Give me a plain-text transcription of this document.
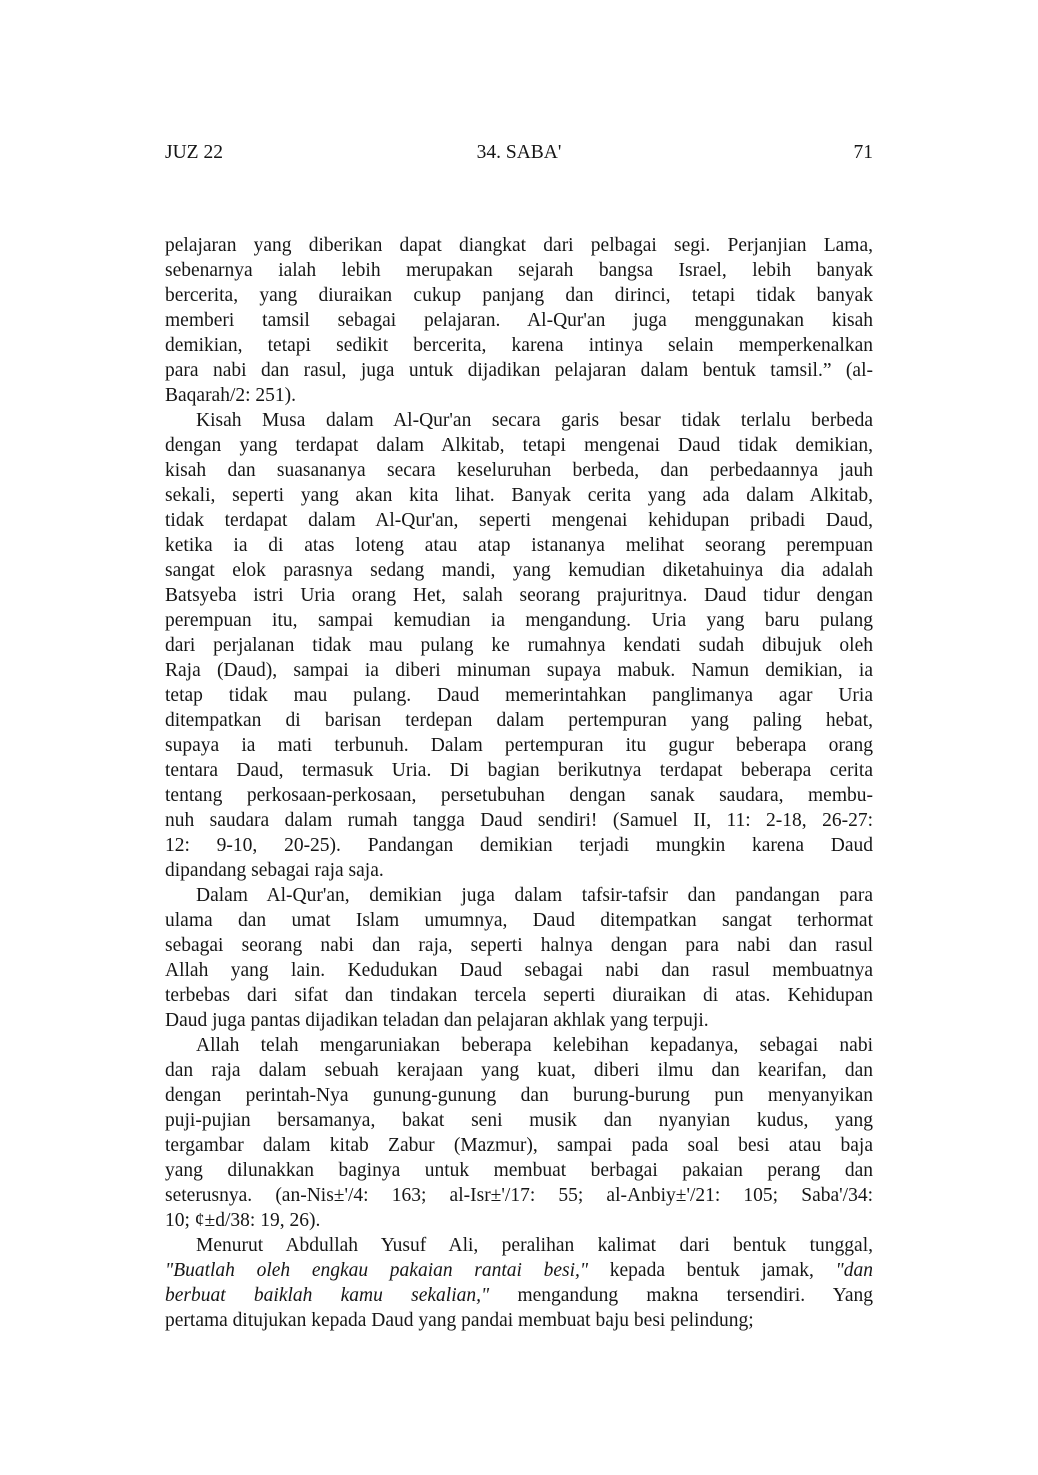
JUZ 22	34. SABA'	71
pelajaran yang diberikan dapat diangkat dari pelbagai segi. Perjanjian Lama,
sebenarnya ialah lebih merupakan sejarah bangsa Israel, lebih banyak
bercerita, yang diuraikan cukup panjang dan dirinci, tetapi tidak banyak
memberi tamsil sebagai pelajaran. Al-Qur'an juga menggunakan kisah
demikian, tetapi sedikit bercerita, karena intinya selain memperkenalkan
para nabi dan rasul, juga untuk dijadikan pelajaran dalam bentuk tamsil.” (al-
Baqarah/2: 251).
Kisah Musa dalam Al-Qur'an secara garis besar tidak terlalu berbeda
dengan yang terdapat dalam Alkitab, tetapi mengenai Daud tidak demikian,
kisah dan suasananya secara keseluruhan berbeda, dan perbedaannya jauh
sekali, seperti yang akan kita lihat. Banyak cerita yang ada dalam Alkitab,
tidak terdapat dalam Al-Qur'an, seperti mengenai kehidupan pribadi Daud,
ketika ia di atas loteng atau atap istananya melihat seorang perempuan
sangat elok parasnya sedang mandi, yang kemudian diketahuinya dia adalah
Batsyeba istri Uria orang Het, salah seorang prajuritnya. Daud tidur dengan
perempuan itu, sampai kemudian ia mengandung. Uria yang baru pulang
dari perjalanan tidak mau pulang ke rumahnya kendati sudah dibujuk oleh
Raja (Daud), sampai ia diberi minuman supaya mabuk. Namun demikian, ia
tetap tidak mau pulang. Daud memerintahkan panglimanya agar Uria
ditempatkan di barisan terdepan dalam pertempuran yang paling hebat,
supaya ia mati terbunuh. Dalam pertempuran itu gugur beberapa orang
tentara Daud, termasuk Uria. Di bagian berikutnya terdapat beberapa cerita
tentang perkosaan-perkosaan, persetubuhan dengan sanak saudara, membu-
nuh saudara dalam rumah tangga Daud sendiri! (Samuel II, 11: 2-18, 26-27:
12: 9-10, 20-25). Pandangan demikian terjadi mungkin karena Daud
dipandang sebagai raja saja.
Dalam Al-Qur'an, demikian juga dalam tafsir-tafsir dan pandangan para
ulama dan umat Islam umumnya, Daud ditempatkan sangat terhormat
sebagai seorang nabi dan raja, seperti halnya dengan para nabi dan rasul
Allah yang lain. Kedudukan Daud sebagai nabi dan rasul membuatnya
terbebas dari sifat dan tindakan tercela seperti diuraikan di atas. Kehidupan
Daud juga pantas dijadikan teladan dan pelajaran akhlak yang terpuji.
Allah telah mengaruniakan beberapa kelebihan kepadanya, sebagai nabi
dan raja dalam sebuah kerajaan yang kuat, diberi ilmu dan kearifan, dan
dengan perintah-Nya gunung-gunung dan burung-burung pun menyanyikan
puji-pujian bersamanya, bakat seni musik dan nyanyian kudus, yang
tergambar dalam kitab Zabur (Mazmur), sampai pada soal besi atau baja
yang dilunakkan baginya untuk membuat berbagai pakaian perang dan
seterusnya. (an-Nis±'/4: 163; al-Isr±'/17: 55; al-Anbiy±'/21: 105; Saba'/34:
10; ¢±d/38: 19, 26).
Menurut Abdullah Yusuf Ali, peralihan kalimat dari bentuk tunggal,
"Buatlah oleh engkau pakaian rantai besi," kepada bentuk jamak, "dan
berbuat baiklah kamu sekalian," mengandung makna tersendiri. Yang
pertama ditujukan kepada Daud yang pandai membuat baju besi pelindung;
